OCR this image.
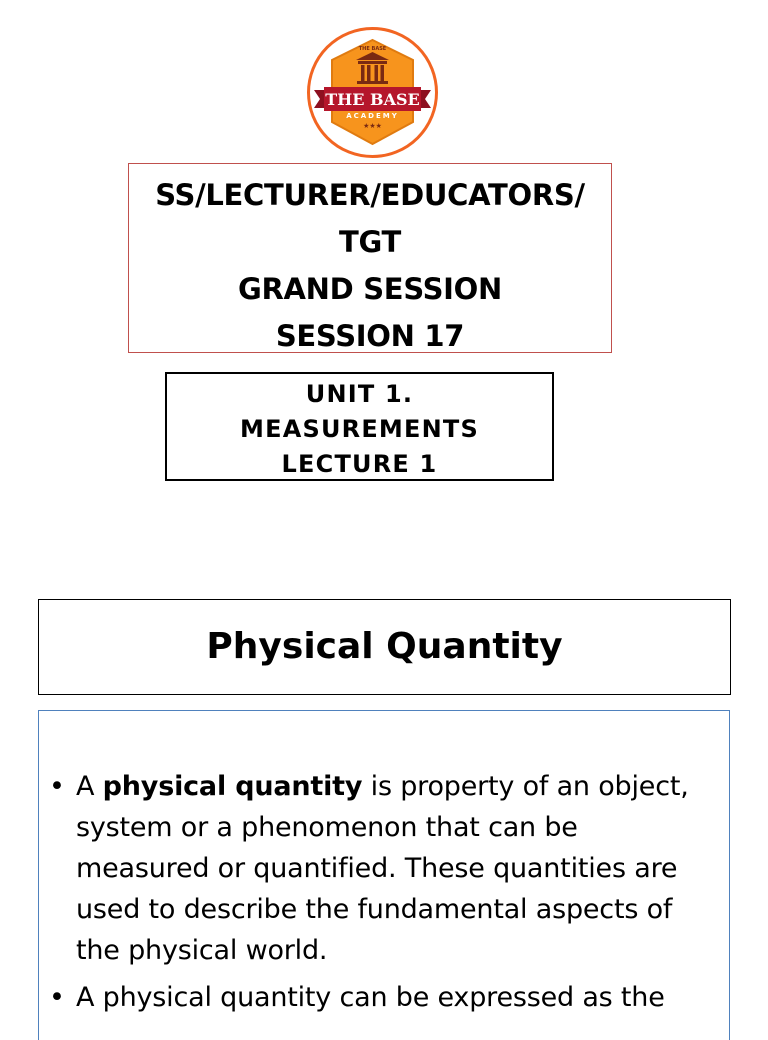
THE BASE
THE BASE
ACADEMY
★★★
SS/LECTURER/EDUCATORS/
TGT
GRAND SESSION
SESSION 17
UNIT 1.
MEASUREMENTS
LECTURE 1
Physical Quantity
• A physical quantity is property of an object, system or a phenomenon that can be measured or quantified. These quantities are used to describe the fundamental aspects of the physical world.
• A physical quantity can be expressed as the
